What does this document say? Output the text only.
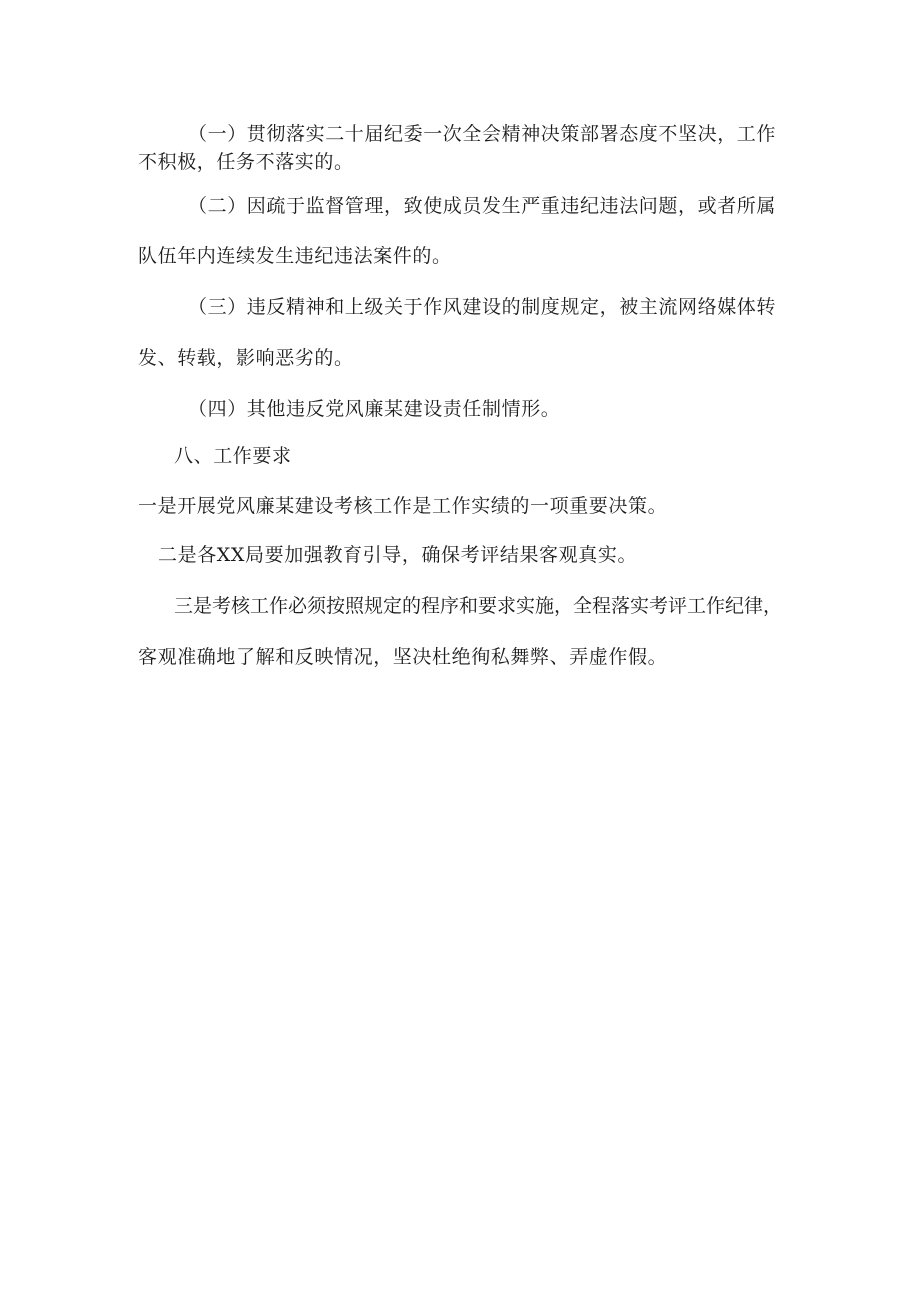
（一）贯彻落实二十届纪委一次全会精神决策部署态度不坚决，工作
不积极，任务不落实的。
（二）因疏于监督管理，致使成员发生严重违纪违法问题，或者所属
队伍年内连续发生违纪违法案件的。
（三）违反精神和上级关于作风建设的制度规定，被主流网络媒体转
发、转载，影响恶劣的。
（四）其他违反党风廉某建设责任制情形。
八、工作要求
一是开展党风廉某建设考核工作是工作实绩的一项重要决策。
二是各XX局要加强教育引导，确保考评结果客观真实。
三是考核工作必须按照规定的程序和要求实施，全程落实考评工作纪律，
客观准确地了解和反映情况，坚决杜绝徇私舞弊、弄虚作假。
